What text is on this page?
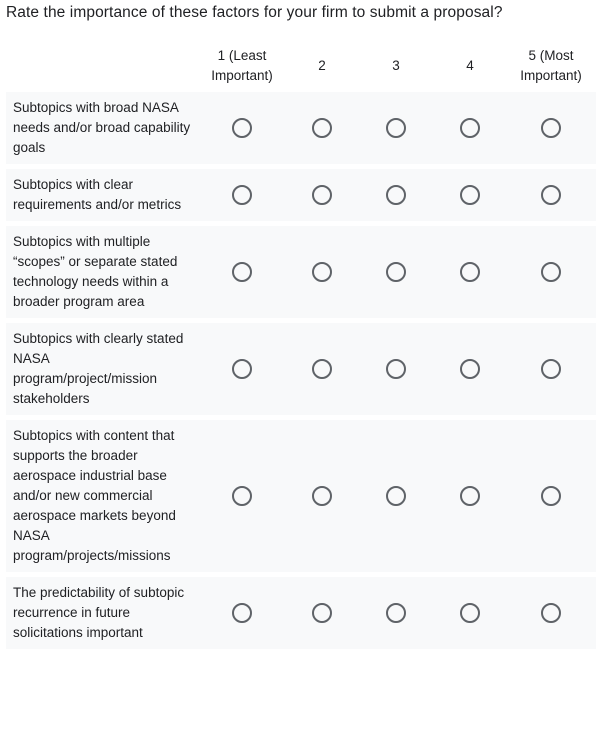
Rate the importance of these factors for your firm to submit a proposal?
1 (Least
Important)
2	3	4
5 (Most
Important)
Subtopics with broad NASA needs and/or broad capability goals
Subtopics with clear requirements and/or metrics
Subtopics with multiple “scopes” or separate stated technology needs within a broader program area
Subtopics with clearly stated NASA program/project/mission stakeholders
Subtopics with content that supports the broader aerospace industrial base and/or new commercial aerospace markets beyond NASA program/projects/missions
The predictability of subtopic recurrence in future solicitations important
